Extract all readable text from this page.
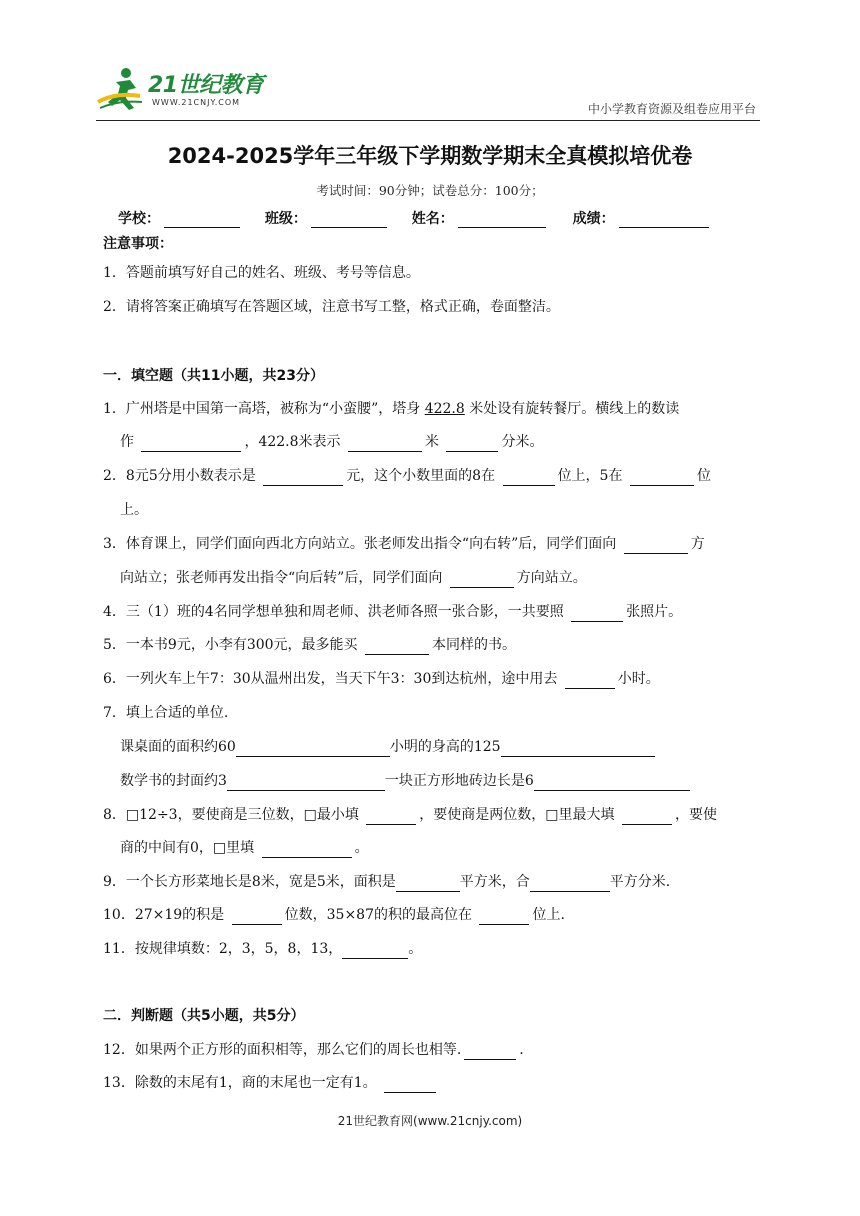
21世纪教育
WWW.21CNJY.COM	中小学教育资源及组卷应用平台
2024-2025学年三年级下学期数学期末全真模拟培优卷
考试时间：90分钟；试卷总分：100分；
学校：	班级：	姓名：	成绩：
注意事项：
1．答题前填写好自己的姓名、班级、考号等信息。
2．请将答案正确填写在答题区域，注意书写工整，格式正确，卷面整洁。
一．填空题（共11小题，共23分）
1．广州塔是中国第一高塔，被称为“小蛮腰”，塔身 422.8 米处设有旋转餐厅。横线上的数读
作	，422.8米表示	米	分米。
2．8元5分用小数表示是	元，这个小数里面的8在	位上，5在	位
上。
3．体育课上，同学们面向西北方向站立。张老师发出指令“向右转”后，同学们面向	方
向站立；张老师再发出指令“向后转”后，同学们面向	方向站立。
4．三（1）班的4名同学想单独和周老师、洪老师各照一张合影，一共要照	张照片。
5．一本书9元，小李有300元，最多能买	本同样的书。
6．一列火车上午7：30从温州出发，当天下午3：30到达杭州，途中用去	小时。
7．填上合适的单位.
课桌面的面积约60	小明的身高的125
数学书的封面约3	一块正方形地砖边长是6
8．□12÷3，要使商是三位数，□最小填	，要使商是两位数，□里最大填	，要使
商的中间有0，□里填	。
9．一个长方形菜地长是8米，宽是5米，面积是	平方米，合	平方分米.
10．27×19的积是	位数，35×87的积的最高位在	位上.
11．按规律填数：2，3，5，8，13，	。
二．判断题（共5小题，共5分）
12．如果两个正方形的面积相等，那么它们的周长也相等.	.
13．除数的末尾有1，商的末尾也一定有1。
21世纪教育网(www.21cnjy.com)
